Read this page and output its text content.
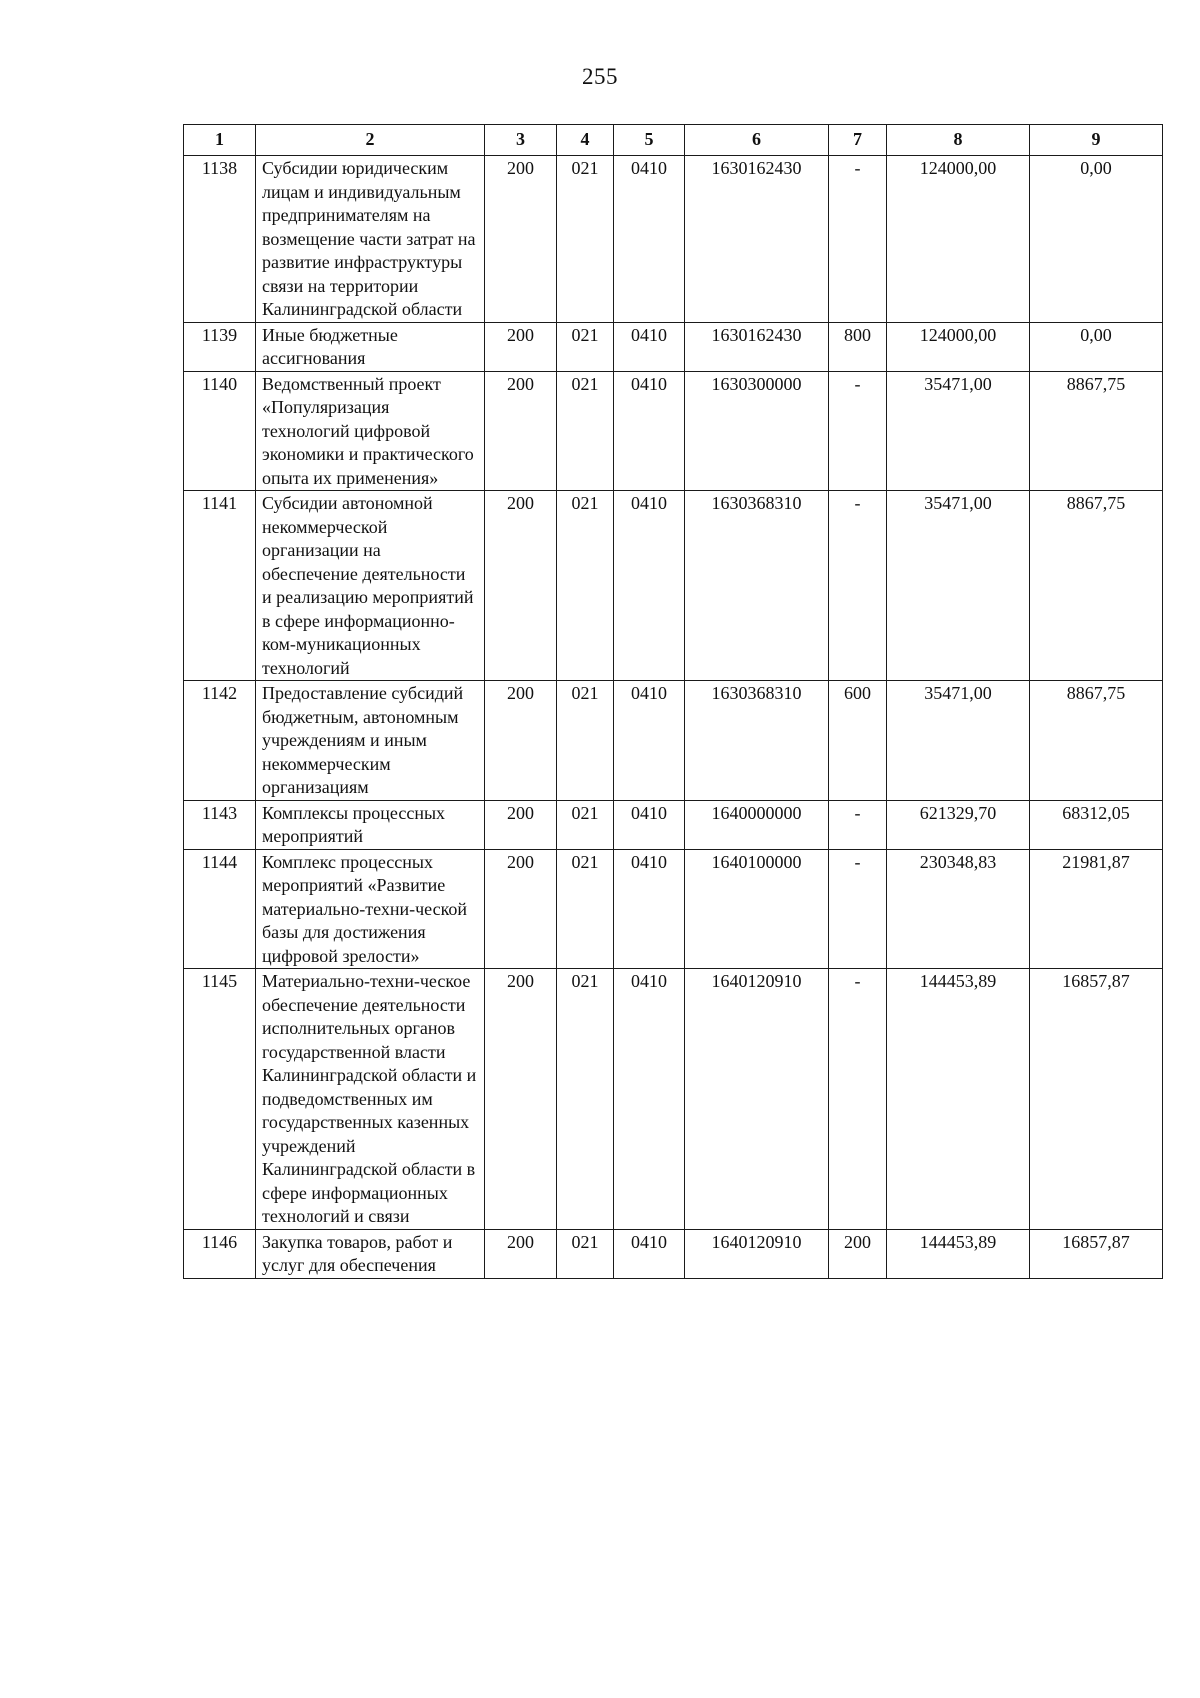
255
1	2	3	4	5	6	7	8	9
1138	Субсидии юридическим лицам и индивидуальным предпринимателям на возмещение части затрат на развитие инфраструктуры связи на территории Калининградской области	200	021	0410	1630162430	-	124000,00	0,00
1139	Иные бюджетные ассигнования	200	021	0410	1630162430	800	124000,00	0,00
1140	Ведомственный проект «Популяризация технологий цифровой экономики и практического опыта их применения»	200	021	0410	1630300000	-	35471,00	8867,75
1141	Субсидии автономной некоммерческой организации на обеспечение деятельности и реализацию мероприятий в сфере информационно-ком-муникационных технологий	200	021	0410	1630368310	-	35471,00	8867,75
1142	Предоставление субсидий бюджетным, автономным учреждениям и иным некоммерческим организациям	200	021	0410	1630368310	600	35471,00	8867,75
1143	Комплексы процессных мероприятий	200	021	0410	1640000000	-	621329,70	68312,05
1144	Комплекс процессных мероприятий «Развитие материально-техни-ческой базы для достижения цифровой зрелости»	200	021	0410	1640100000	-	230348,83	21981,87
1145	Материально-техни-ческое обеспечение деятельности исполнительных органов государственной власти Калининградской области и подведомственных им государственных казенных учреждений Калининградской области в сфере информационных технологий и связи	200	021	0410	1640120910	-	144453,89	16857,87
1146	Закупка товаров, работ и услуг для обеспечения	200	021	0410	1640120910	200	144453,89	16857,87
